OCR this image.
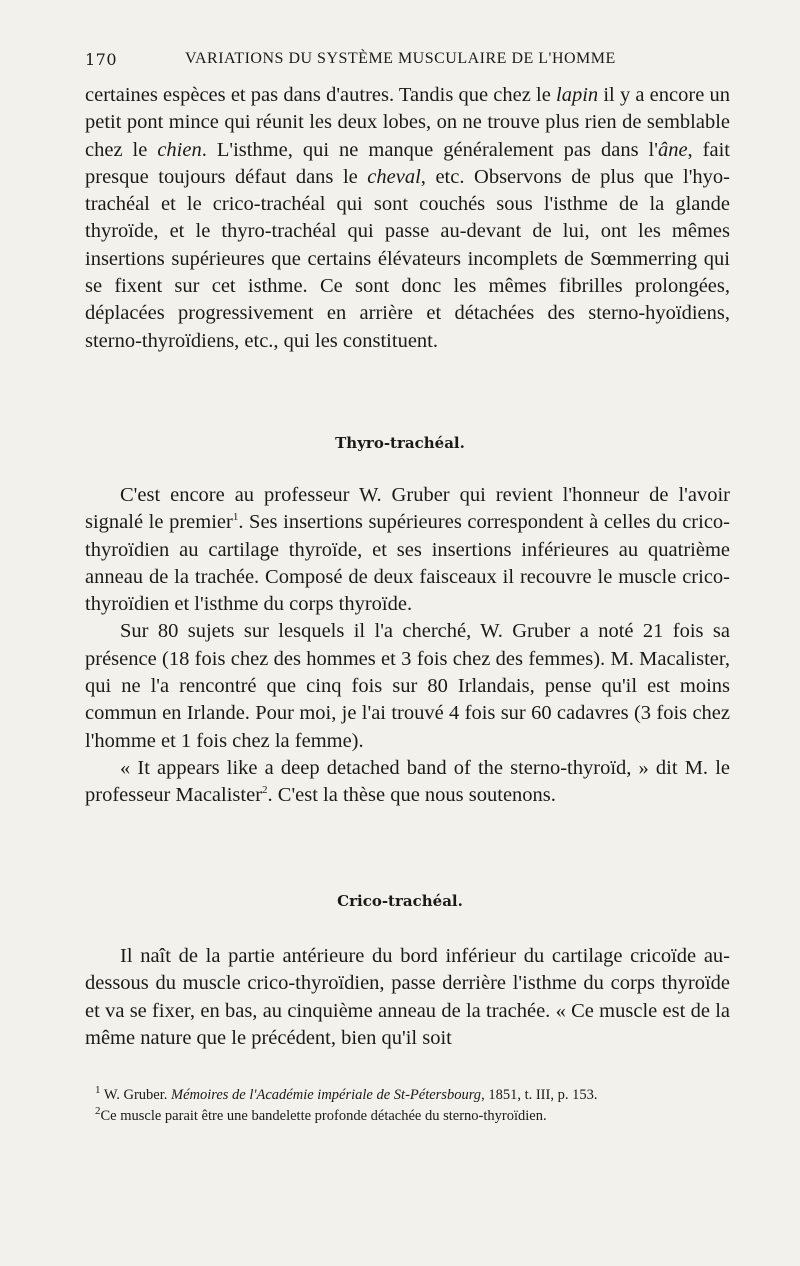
170	VARIATIONS DU SYSTÈME MUSCULAIRE DE L'HOMME

certaines espèces et pas dans d'autres. Tandis que chez le lapin il y a encore un petit pont mince qui réunit les deux lobes, on ne trouve plus rien de semblable chez le chien. L'isthme, qui ne manque généralement pas dans l'âne, fait presque toujours défaut dans le cheval, etc. Observons de plus que l'hyo-trachéal et le crico-trachéal qui sont couchés sous l'isthme de la glande thyroïde, et le thyro-trachéal qui passe au-devant de lui, ont les mêmes insertions supérieures que certains élévateurs incomplets de Sœmmerring qui se fixent sur cet isthme. Ce sont donc les mêmes fibrilles prolongées, déplacées progressivement en arrière et détachées des sterno-hyoïdiens, sterno-thyroïdiens, etc., qui les constituent.

Thyro-trachéal.

C'est encore au professeur W. Gruber qui revient l'honneur de l'avoir signalé le premier$^1$. Ses insertions supérieures correspondent à celles du crico-thyroïdien au cartilage thyroïde, et ses insertions inférieures au quatrième anneau de la trachée. Composé de deux faisceaux il recouvre le muscle crico-thyroïdien et l'isthme du corps thyroïde.

Sur 80 sujets sur lesquels il l'a cherché, W. Gruber a noté 21 fois sa présence (18 fois chez des hommes et 3 fois chez des femmes). M. Macalister, qui ne l'a rencontré que cinq fois sur 80 Irlandais, pense qu'il est moins commun en Irlande. Pour moi, je l'ai trouvé 4 fois sur 60 cadavres (3 fois chez l'homme et 1 fois chez la femme).

« It appears like a deep detached band of the sterno-thyroïd, » dit M. le professeur Macalister$^2$. C'est la thèse que nous soutenons.

Crico-trachéal.

Il naît de la partie antérieure du bord inférieur du cartilage cricoïde au-dessous du muscle crico-thyroïdien, passe derrière l'isthme du corps thyroïde et va se fixer, en bas, au cinquième anneau de la trachée. « Ce muscle est de la même nature que le précédent, bien qu'il soit

$^1$ W. Gruber. Mémoires de l'Académie impériale de St-Pétersbourg, 1851, t. III, p. 153.

$^2$Ce muscle parait être une bandelette profonde détachée du sterno-thyroïdien.
